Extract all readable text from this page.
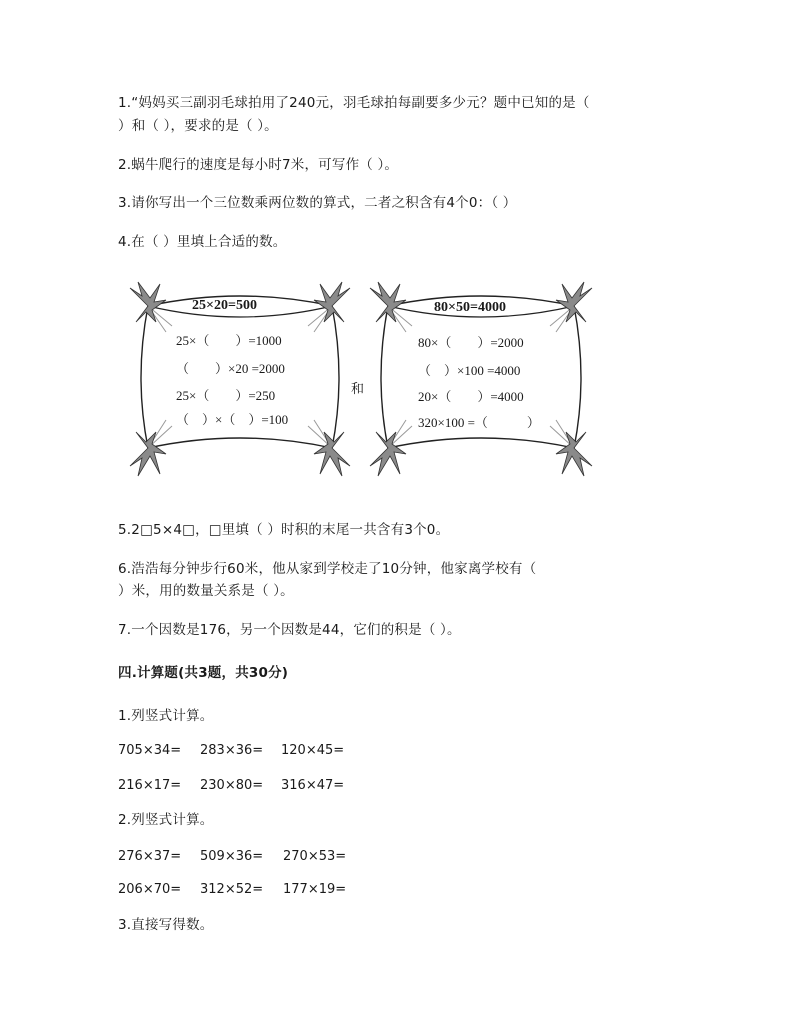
1.“妈妈买三副羽毛球拍用了240元，羽毛球拍每副要多少元？题中已知的是（
）和（ ），要求的是（ ）。
2.蜗牛爬行的速度是每小时7米，可写作（ ）。
3.请你写出一个三位数乘两位数的算式，二者之积含有4个0：（ ）
4.在（ ）里填上合适的数。
25×20=500
25×（　　）=1000
（　　）×20 =2000
25×（　　）=250
（　）×（　）=100
和
80×50=4000
80×（　　）=2000
（　）×100 =4000
20×（　　）=4000
320×100 =（　　　）
5.2□5×4□，□里填（ ）时积的末尾一共含有3个0。
6.浩浩每分钟步行60米，他从家到学校走了10分钟，他家离学校有（
）米，用的数量关系是（ ）。
7.一个因数是176，另一个因数是44，它们的积是（ ）。
四.计算题(共3题，共30分)
1.列竖式计算。
705×34= 283×36= 120×45=
216×17= 230×80= 316×47=
2.列竖式计算。
276×37= 509×36= 270×53=
206×70= 312×52= 177×19=
3.直接写得数。
